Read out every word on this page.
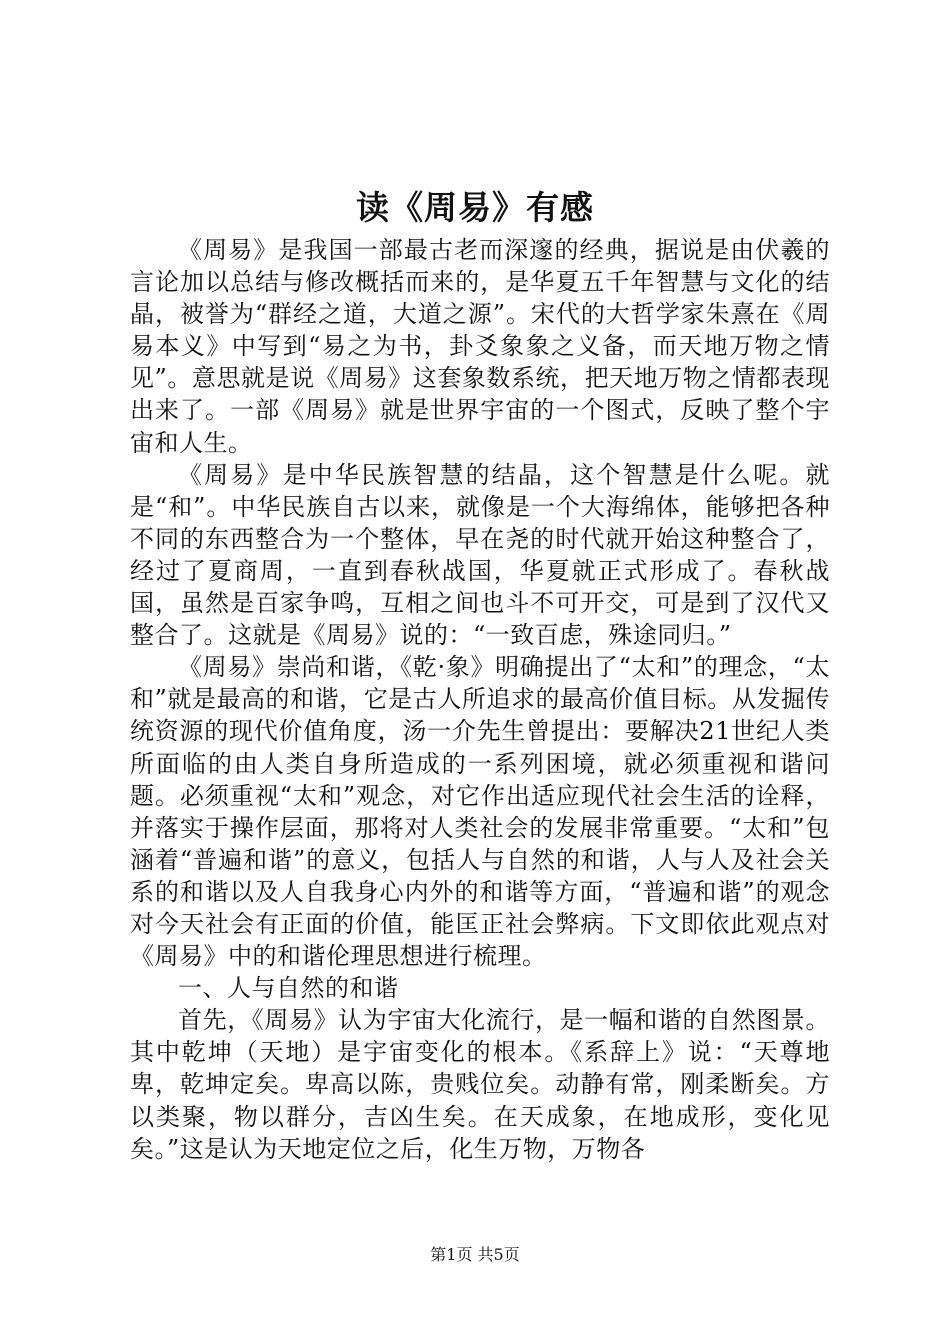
读《周易》有感

《周易》是我国一部最古老而深邃的经典，据说是由伏羲的言论加以总结与修改概括而来的，是华夏五千年智慧与文化的结晶，被誉为“群经之道，大道之源”。宋代的大哲学家朱熹在《周易本义》中写到“易之为书，卦爻象象之义备，而天地万物之情见”。意思就是说《周易》这套象数系统，把天地万物之情都表现出来了。一部《周易》就是世界宇宙的一个图式，反映了整个宇宙和人生。

《周易》是中华民族智慧的结晶，这个智慧是什么呢。就是“和”。中华民族自古以来，就像是一个大海绵体，能够把各种不同的东西整合为一个整体，早在尧的时代就开始这种整合了，经过了夏商周，一直到春秋战国，华夏就正式形成了。春秋战国，虽然是百家争鸣，互相之间也斗不可开交，可是到了汉代又整合了。这就是《周易》说的：“一致百虑，殊途同归。”

《周易》崇尚和谐，《乾·象》明确提出了“太和”的理念，“太和”就是最高的和谐，它是古人所追求的最高价值目标。从发掘传统资源的现代价值角度，汤一介先生曾提出：要解决21世纪人类所面临的由人类自身所造成的一系列困境，就必须重视和谐问题。必须重视“太和”观念，对它作出适应现代社会生活的诠释，并落实于操作层面，那将对人类社会的发展非常重要。“太和”包涵着“普遍和谐”的意义，包括人与自然的和谐，人与人及社会关系的和谐以及人自我身心内外的和谐等方面，“普遍和谐”的观念对今天社会有正面的价值，能匡正社会弊病。下文即依此观点对《周易》中的和谐伦理思想进行梳理。

一、人与自然的和谐

首先，《周易》认为宇宙大化流行，是一幅和谐的自然图景。其中乾坤（天地）是宇宙变化的根本。《系辞上》说：“天尊地卑，乾坤定矣。卑高以陈，贵贱位矣。动静有常，刚柔断矣。方以类聚，物以群分，吉凶生矣。在天成象，在地成形，变化见矣。”这是认为天地定位之后，化生万物，万物各

第1页 共5页
